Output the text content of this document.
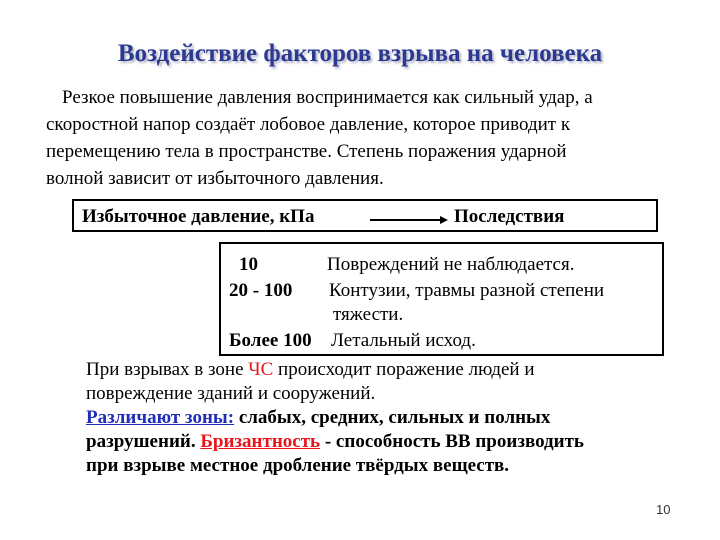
Воздействие факторов взрыва на человека
Резкое повышение давления воспринимается как сильный удар, а
скоростной напор создаёт лобовое давление, которое приводит к
перемещению тела в пространстве. Степень поражения ударной
волной зависит от избыточного давления.
Избыточное давление, кПа	Последствия
10	Повреждений не наблюдается.
20 - 100 Контузии, травмы разной степени
тяжести.
Более 100 Летальный исход.
При взрывах в зоне ЧС происходит поражение людей и
повреждение зданий и сооружений.
Различают зоны: слабых, средних, сильных и полных
разрушений. Бризантность - способность ВВ производить
при взрыве местное дробление твёрдых веществ.
10
